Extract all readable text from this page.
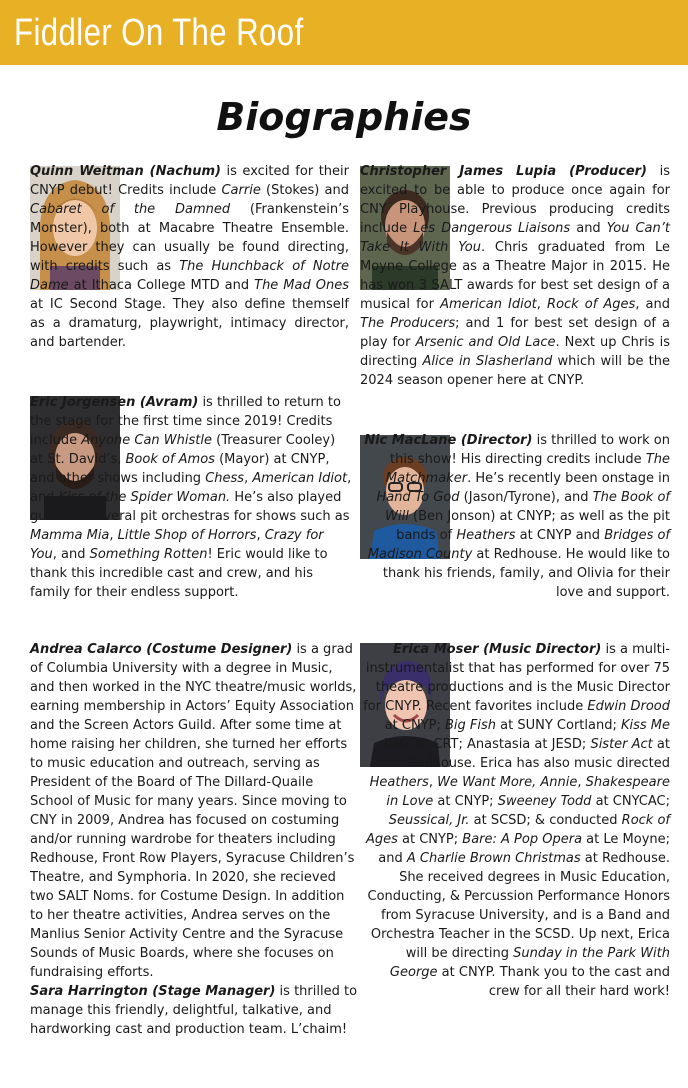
Fiddler On The Roof
Biographies

Quinn Weitman (Nachum) is excited for their CNYP debut! Credits include Carrie (Stokes) and Cabaret of the Damned (Frankenstein’s Monster), both at Macabre Theatre Ensemble. However they can usually be found directing, with credits such as The Hunchback of Notre Dame at Ithaca College MTD and The Mad Ones at IC Second Stage. They also define themself as a dramaturg, playwright, intimacy director, and bartender.

Eric Jorgensen (Avram) is thrilled to return to the stage for the first time since 2019! Credits include Anyone Can Whistle (Treasurer Cooley) at St. David’s, Book of Amos (Mayor) at CNYP, and other shows including Chess, American Idiot, and Kiss of the Spider Woman. He’s also played guitar in several pit orchestras for shows such as Mamma Mia, Little Shop of Horrors, Crazy for You, and Something Rotten! Eric would like to thank this incredible cast and crew, and his family for their endless support.

Andrea Calarco (Costume Designer) is a grad of Columbia University with a degree in Music, and then worked in the NYC theatre/music worlds, earning membership in Actors’ Equity Association and the Screen Actors Guild. After some time at home raising her children, she turned her efforts to music education and outreach, serving as President of the Board of The Dillard-Quaile School of Music for many years. Since moving to CNY in 2009, Andrea has focused on costuming and/or running wardrobe for theaters including Redhouse, Front Row Players, Syracuse Children’s Theatre, and Symphoria. In 2020, she recieved two SALT Noms. for Costume Design. In addition to her theatre activities, Andrea serves on the Manlius Senior Activity Centre and the Syracuse Sounds of Music Boards, where she focuses on fundraising efforts.

Sara Harrington (Stage Manager) is thrilled to manage this friendly, delightful, talkative, and hardworking cast and production team. L’chaim!

Christopher James Lupia (Producer) is excited to be able to produce once again for CNY Playhouse. Previous producing credits include Les Dangerous Liaisons and You Can’t Take It With You. Chris graduated from Le Moyne College as a Theatre Major in 2015. He has won 3 SALT awards for best set design of a musical for American Idiot, Rock of Ages, and The Producers; and 1 for best set design of a play for Arsenic and Old Lace. Next up Chris is directing Alice in Slasherland which will be the 2024 season opener here at CNYP.

Nic MacLane (Director) is thrilled to work on this show! His directing credits include The Matchmaker. He’s recently been onstage in Hand To God (Jason/Tyrone), and The Book of Will (Ben Jonson) at CNYP; as well as the pit bands of Heathers at CNYP and Bridges of Madison County at Redhouse. He would like to thank his friends, family, and Olivia for their love and support.

Erica Moser (Music Director) is a multi-instrumentalist that has performed for over 75 theatre productions and is the Music Director for CNYP. Recent favorites include Edwin Drood at CNYP; Big Fish at SUNY Cortland; Kiss Me Kate at CRT; Anastasia at JESD; Sister Act at Redhouse. Erica has also music directed Heathers, We Want More, Annie, Shakespeare in Love at CNYP; Sweeney Todd at CNYCAC; Seussical, Jr. at SCSD; & conducted Rock of Ages at CNYP; Bare: A Pop Opera at Le Moyne; and A Charlie Brown Christmas at Redhouse. She received degrees in Music Education, Conducting, & Percussion Performance Honors from Syracuse University, and is a Band and Orchestra Teacher in the SCSD. Up next, Erica will be directing Sunday in the Park With George at CNYP. Thank you to the cast and crew for all their hard work!
